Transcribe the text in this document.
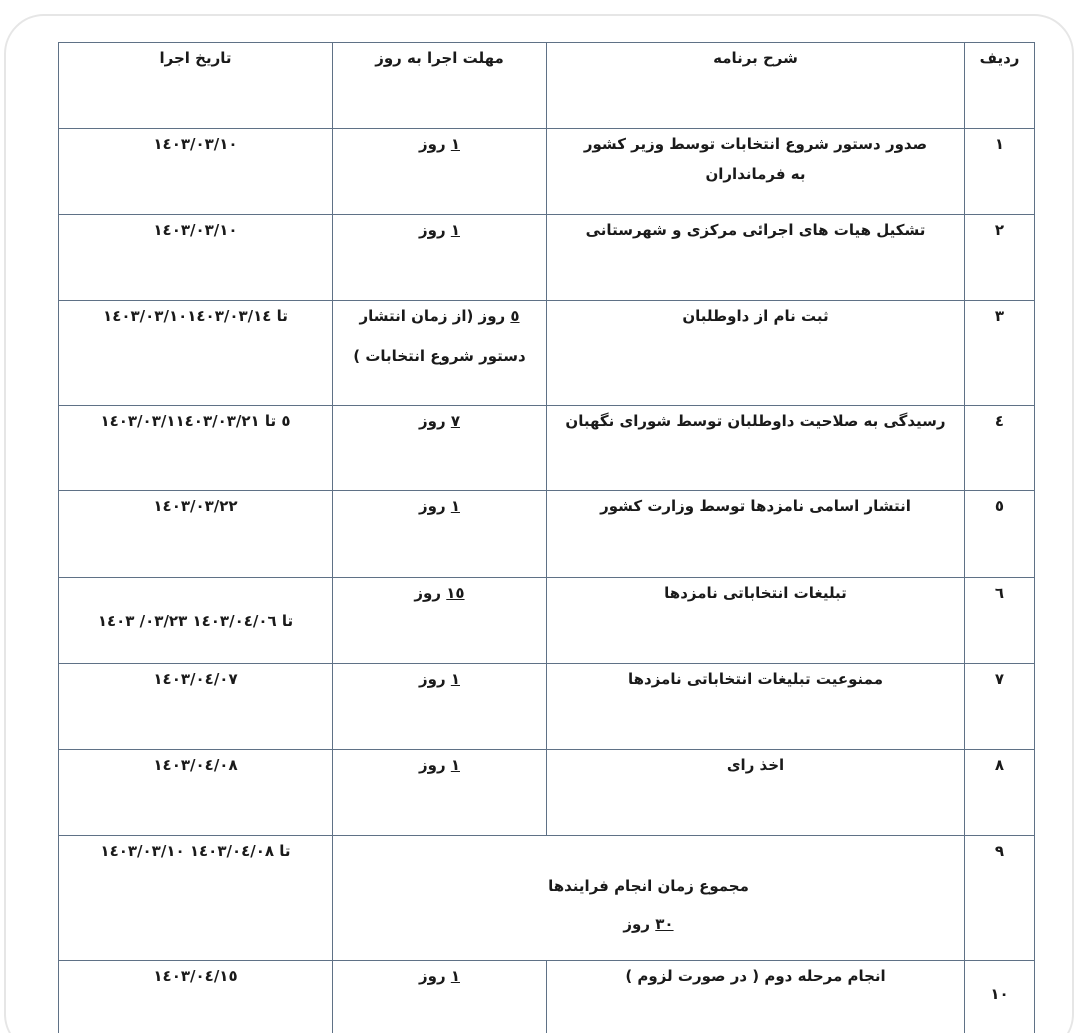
ردیف	شرح برنامه	مهلت اجرا به روز	تاریخ اجرا
١	صدور دستور شروع انتخابات توسط وزیر کشور
به فرمانداران	١ روز	۱٤۰۳/۰۳/۱۰
٢	تشکیل هیات های اجرائی مرکزی و شهرستانی	١ روز	۱٤۰۳/۰۳/۱۰
٣	ثبت نام از داوطلبان	٥ روز (از زمان انتشار
دستور شروع انتخابات )	۱٤۰۳/۰۳/۱۰تا ۱٤۰۳/۰۳/۱٤
٤	رسیدگی به صلاحیت داوطلبان توسط شورای نگهبان	٧ روز	۱٤۰۳/۰۳/۱٥ تا ۱٤۰۳/۰۳/۲۱
٥	انتشار اسامی نامزدها توسط وزارت کشور	١ روز	۱٤۰۳/۰۳/۲۲
٦	تبلیغات انتخاباتی نامزدها	١٥ روز	۱٤۰۳ /۰۳/۲۳ تا ۱٤۰۳/۰٤/۰٦
٧	ممنوعیت تبلیغات انتخاباتی نامزدها	١ روز	۱٤۰۳/۰٤/۰۷
٨	اخذ رای	١ روز	۱٤۰۳/۰٤/۰۸
٩	مجموع زمان انجام فرایندها
٣٠ روز		۱٤۰۳/۰۳/۱۰ تا ۱٤۰۳/۰٤/۰۸
١٠	انجام مرحله دوم ( در صورت لزوم )	١ روز	۱٤۰۳/۰٤/۱٥
